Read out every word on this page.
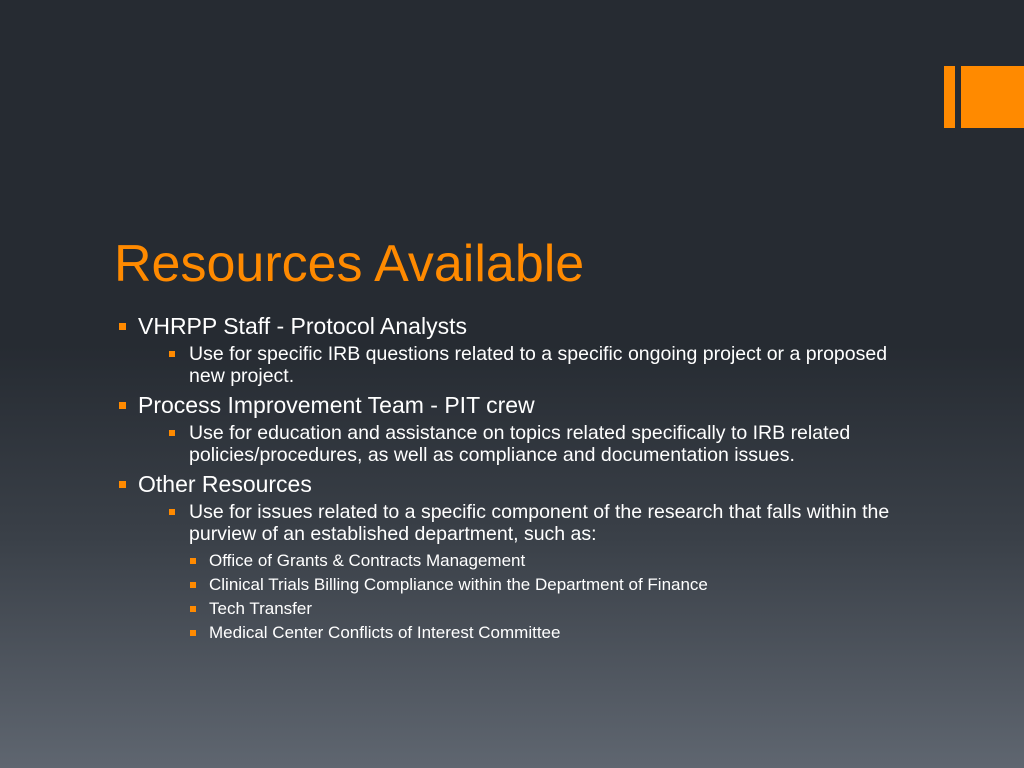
Resources Available
VHRPP Staff - Protocol Analysts
Use for specific IRB questions related to a specific ongoing project or a proposed new project.
Process Improvement Team - PIT crew
Use for education and assistance on topics related specifically to IRB related policies/procedures, as well as compliance and documentation issues.
Other Resources
Use for issues related to a specific component of the research that falls within the purview of an established department, such as:
Office of Grants & Contracts Management
Clinical Trials Billing Compliance within the Department of Finance
Tech Transfer
Medical Center Conflicts of Interest Committee
